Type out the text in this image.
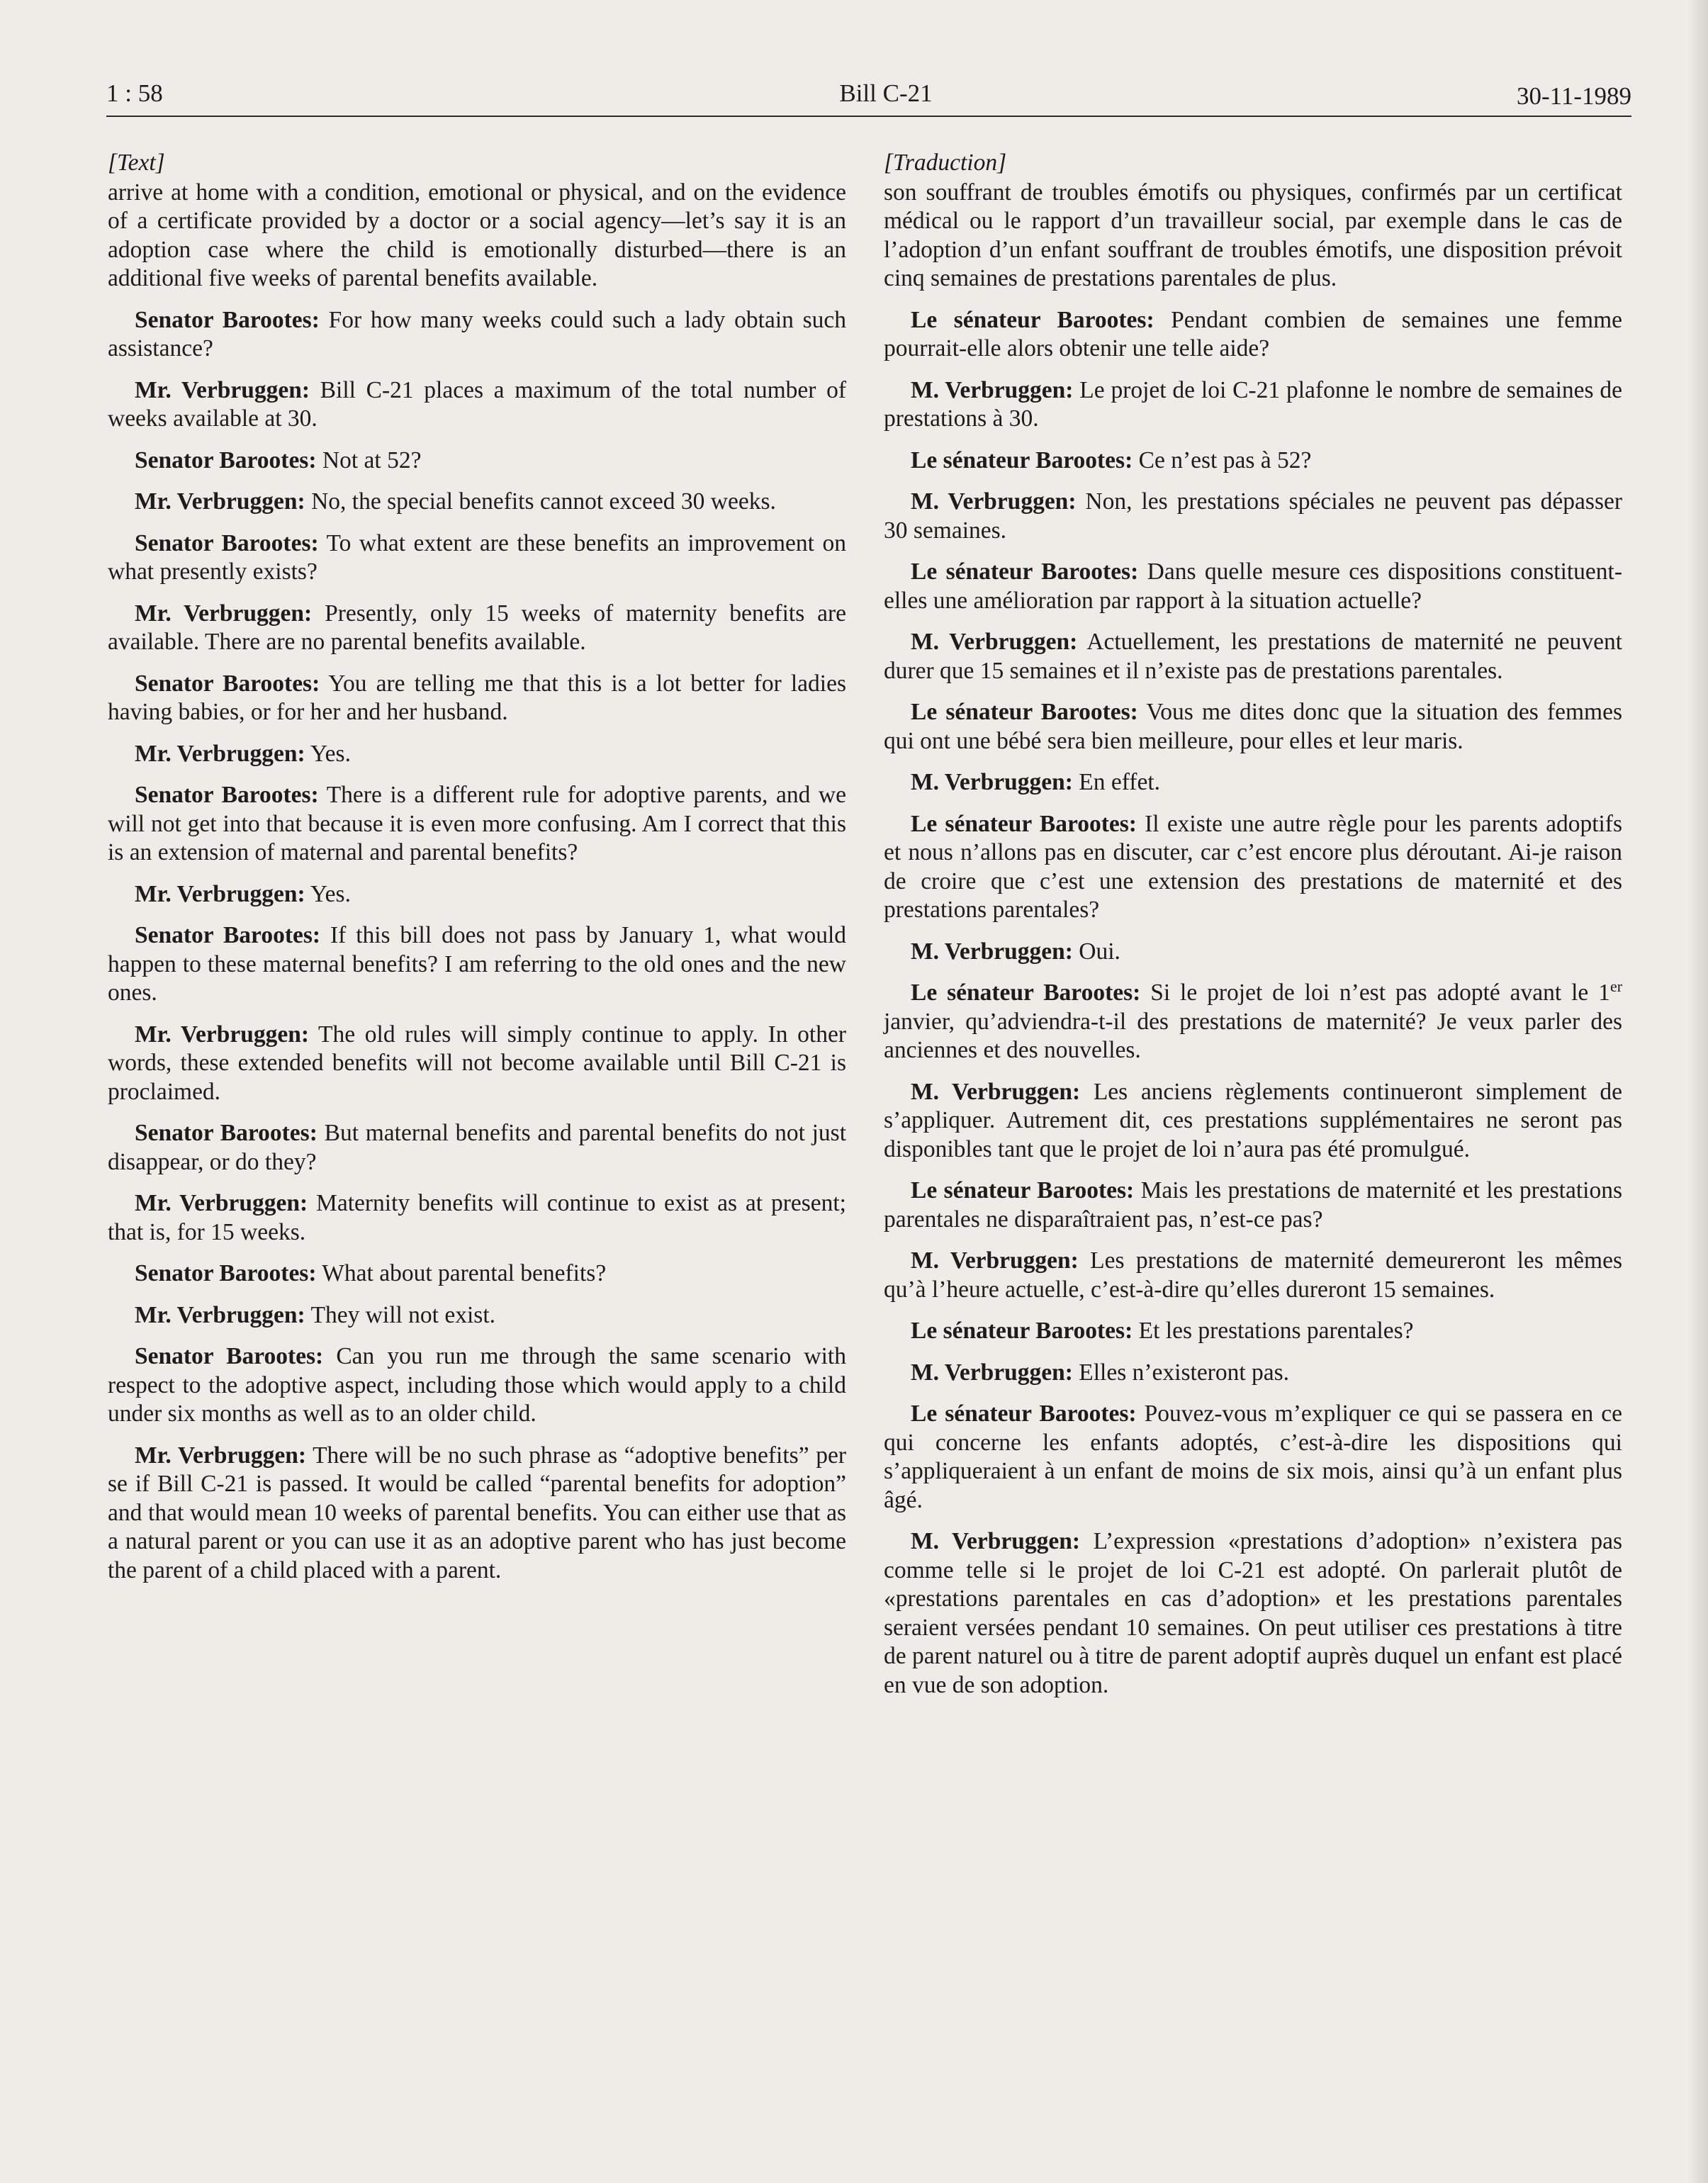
1 : 58	Bill C-21	30-11-1989
[Text]
arrive at home with a condition, emotional or physical, and on the evidence of a certificate provided by a doctor or a social agency—let’s say it is an adoption case where the child is emotionally disturbed—there is an additional five weeks of parental benefits available.
Senator Barootes: For how many weeks could such a lady obtain such assistance?
Mr. Verbruggen: Bill C-21 places a maximum of the total number of weeks available at 30.
Senator Barootes: Not at 52?
Mr. Verbruggen: No, the special benefits cannot exceed 30 weeks.
Senator Barootes: To what extent are these benefits an improvement on what presently exists?
Mr. Verbruggen: Presently, only 15 weeks of maternity benefits are available. There are no parental benefits available.
Senator Barootes: You are telling me that this is a lot better for ladies having babies, or for her and her husband.
Mr. Verbruggen: Yes.
Senator Barootes: There is a different rule for adoptive parents, and we will not get into that because it is even more confusing. Am I correct that this is an extension of maternal and parental benefits?
Mr. Verbruggen: Yes.
Senator Barootes: If this bill does not pass by January 1, what would happen to these maternal benefits? I am referring to the old ones and the new ones.
Mr. Verbruggen: The old rules will simply continue to apply. In other words, these extended benefits will not become available until Bill C-21 is proclaimed.
Senator Barootes: But maternal benefits and parental benefits do not just disappear, or do they?
Mr. Verbruggen: Maternity benefits will continue to exist as at present; that is, for 15 weeks.
Senator Barootes: What about parental benefits?
Mr. Verbruggen: They will not exist.
Senator Barootes: Can you run me through the same scenario with respect to the adoptive aspect, including those which would apply to a child under six months as well as to an older child.
Mr. Verbruggen: There will be no such phrase as “adoptive benefits” per se if Bill C-21 is passed. It would be called “parental benefits for adoption” and that would mean 10 weeks of parental benefits. You can either use that as a natural parent or you can use it as an adoptive parent who has just become the parent of a child placed with a parent.
[Traduction]
son souffrant de troubles émotifs ou physiques, confirmés par un certificat médical ou le rapport d’un travailleur social, par exemple dans le cas de l’adoption d’un enfant souffrant de troubles émotifs, une disposition prévoit cinq semaines de prestations parentales de plus.
Le sénateur Barootes: Pendant combien de semaines une femme pourrait-elle alors obtenir une telle aide?
M. Verbruggen: Le projet de loi C-21 plafonne le nombre de semaines de prestations à 30.
Le sénateur Barootes: Ce n’est pas à 52?
M. Verbruggen: Non, les prestations spéciales ne peuvent pas dépasser 30 semaines.
Le sénateur Barootes: Dans quelle mesure ces dispositions constituent-elles une amélioration par rapport à la situation actuelle?
M. Verbruggen: Actuellement, les prestations de maternité ne peuvent durer que 15 semaines et il n’existe pas de prestations parentales.
Le sénateur Barootes: Vous me dites donc que la situation des femmes qui ont une bébé sera bien meilleure, pour elles et leur maris.
M. Verbruggen: En effet.
Le sénateur Barootes: Il existe une autre règle pour les parents adoptifs et nous n’allons pas en discuter, car c’est encore plus déroutant. Ai-je raison de croire que c’est une extension des prestations de maternité et des prestations parentales?
M. Verbruggen: Oui.
Le sénateur Barootes: Si le projet de loi n’est pas adopté avant le 1er janvier, qu’adviendra-t-il des prestations de maternité? Je veux parler des anciennes et des nouvelles.
M. Verbruggen: Les anciens règlements continueront simplement de s’appliquer. Autrement dit, ces prestations supplémentaires ne seront pas disponibles tant que le projet de loi n’aura pas été promulgué.
Le sénateur Barootes: Mais les prestations de maternité et les prestations parentales ne disparaîtraient pas, n’est-ce pas?
M. Verbruggen: Les prestations de maternité demeureront les mêmes qu’à l’heure actuelle, c’est-à-dire qu’elles dureront 15 semaines.
Le sénateur Barootes: Et les prestations parentales?
M. Verbruggen: Elles n’existeront pas.
Le sénateur Barootes: Pouvez-vous m’expliquer ce qui se passera en ce qui concerne les enfants adoptés, c’est-à-dire les dispositions qui s’appliqueraient à un enfant de moins de six mois, ainsi qu’à un enfant plus âgé.
M. Verbruggen: L’expression «prestations d’adoption» n’existera pas comme telle si le projet de loi C-21 est adopté. On parlerait plutôt de «prestations parentales en cas d’adoption» et les prestations parentales seraient versées pendant 10 semaines. On peut utiliser ces prestations à titre de parent naturel ou à titre de parent adoptif auprès duquel un enfant est placé en vue de son adoption.
